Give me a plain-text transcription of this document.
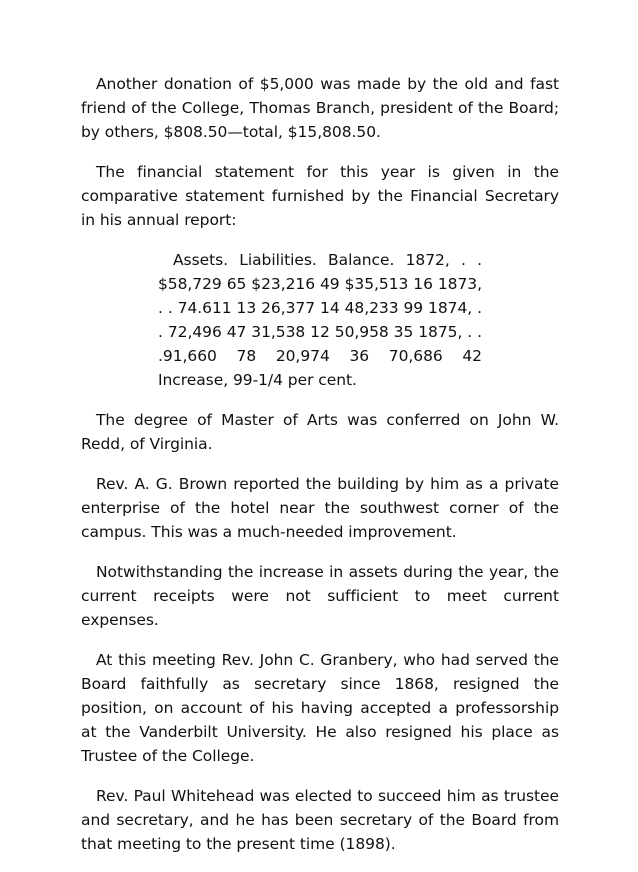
Another donation of $5,000 was made by the old and fast friend of the College, Thomas Branch, president of the Board; by others, $808.50—total, $15,808.50.

The financial statement for this year is given in the comparative statement furnished by the Financial Secretary in his annual report:

Assets. Liabilities. Balance. 1872, . . $58,729 65 $23,216 49 $35,513 16 1873, . . 74.611 13 26,377 14 48,233 99 1874, . . 72,496 47 31,538 12 50,958 35 1875, . . .91,660 78 20,974 36 70,686 42 Increase, 99-1/4 per cent.

The degree of Master of Arts was conferred on John W. Redd, of Virginia.

Rev. A. G. Brown reported the building by him as a private enterprise of the hotel near the southwest corner of the campus. This was a much-needed improvement.

Notwithstanding the increase in assets during the year, the current receipts were not sufficient to meet current expenses.

At this meeting Rev. John C. Granbery, who had served the Board faithfully as secretary since 1868, resigned the position, on account of his having accepted a professorship at the Vanderbilt University. He also resigned his place as Trustee of the College.

Rev. Paul Whitehead was elected to succeed him as trustee and secretary, and he has been secretary of the Board from that meeting to the present time (1898).
